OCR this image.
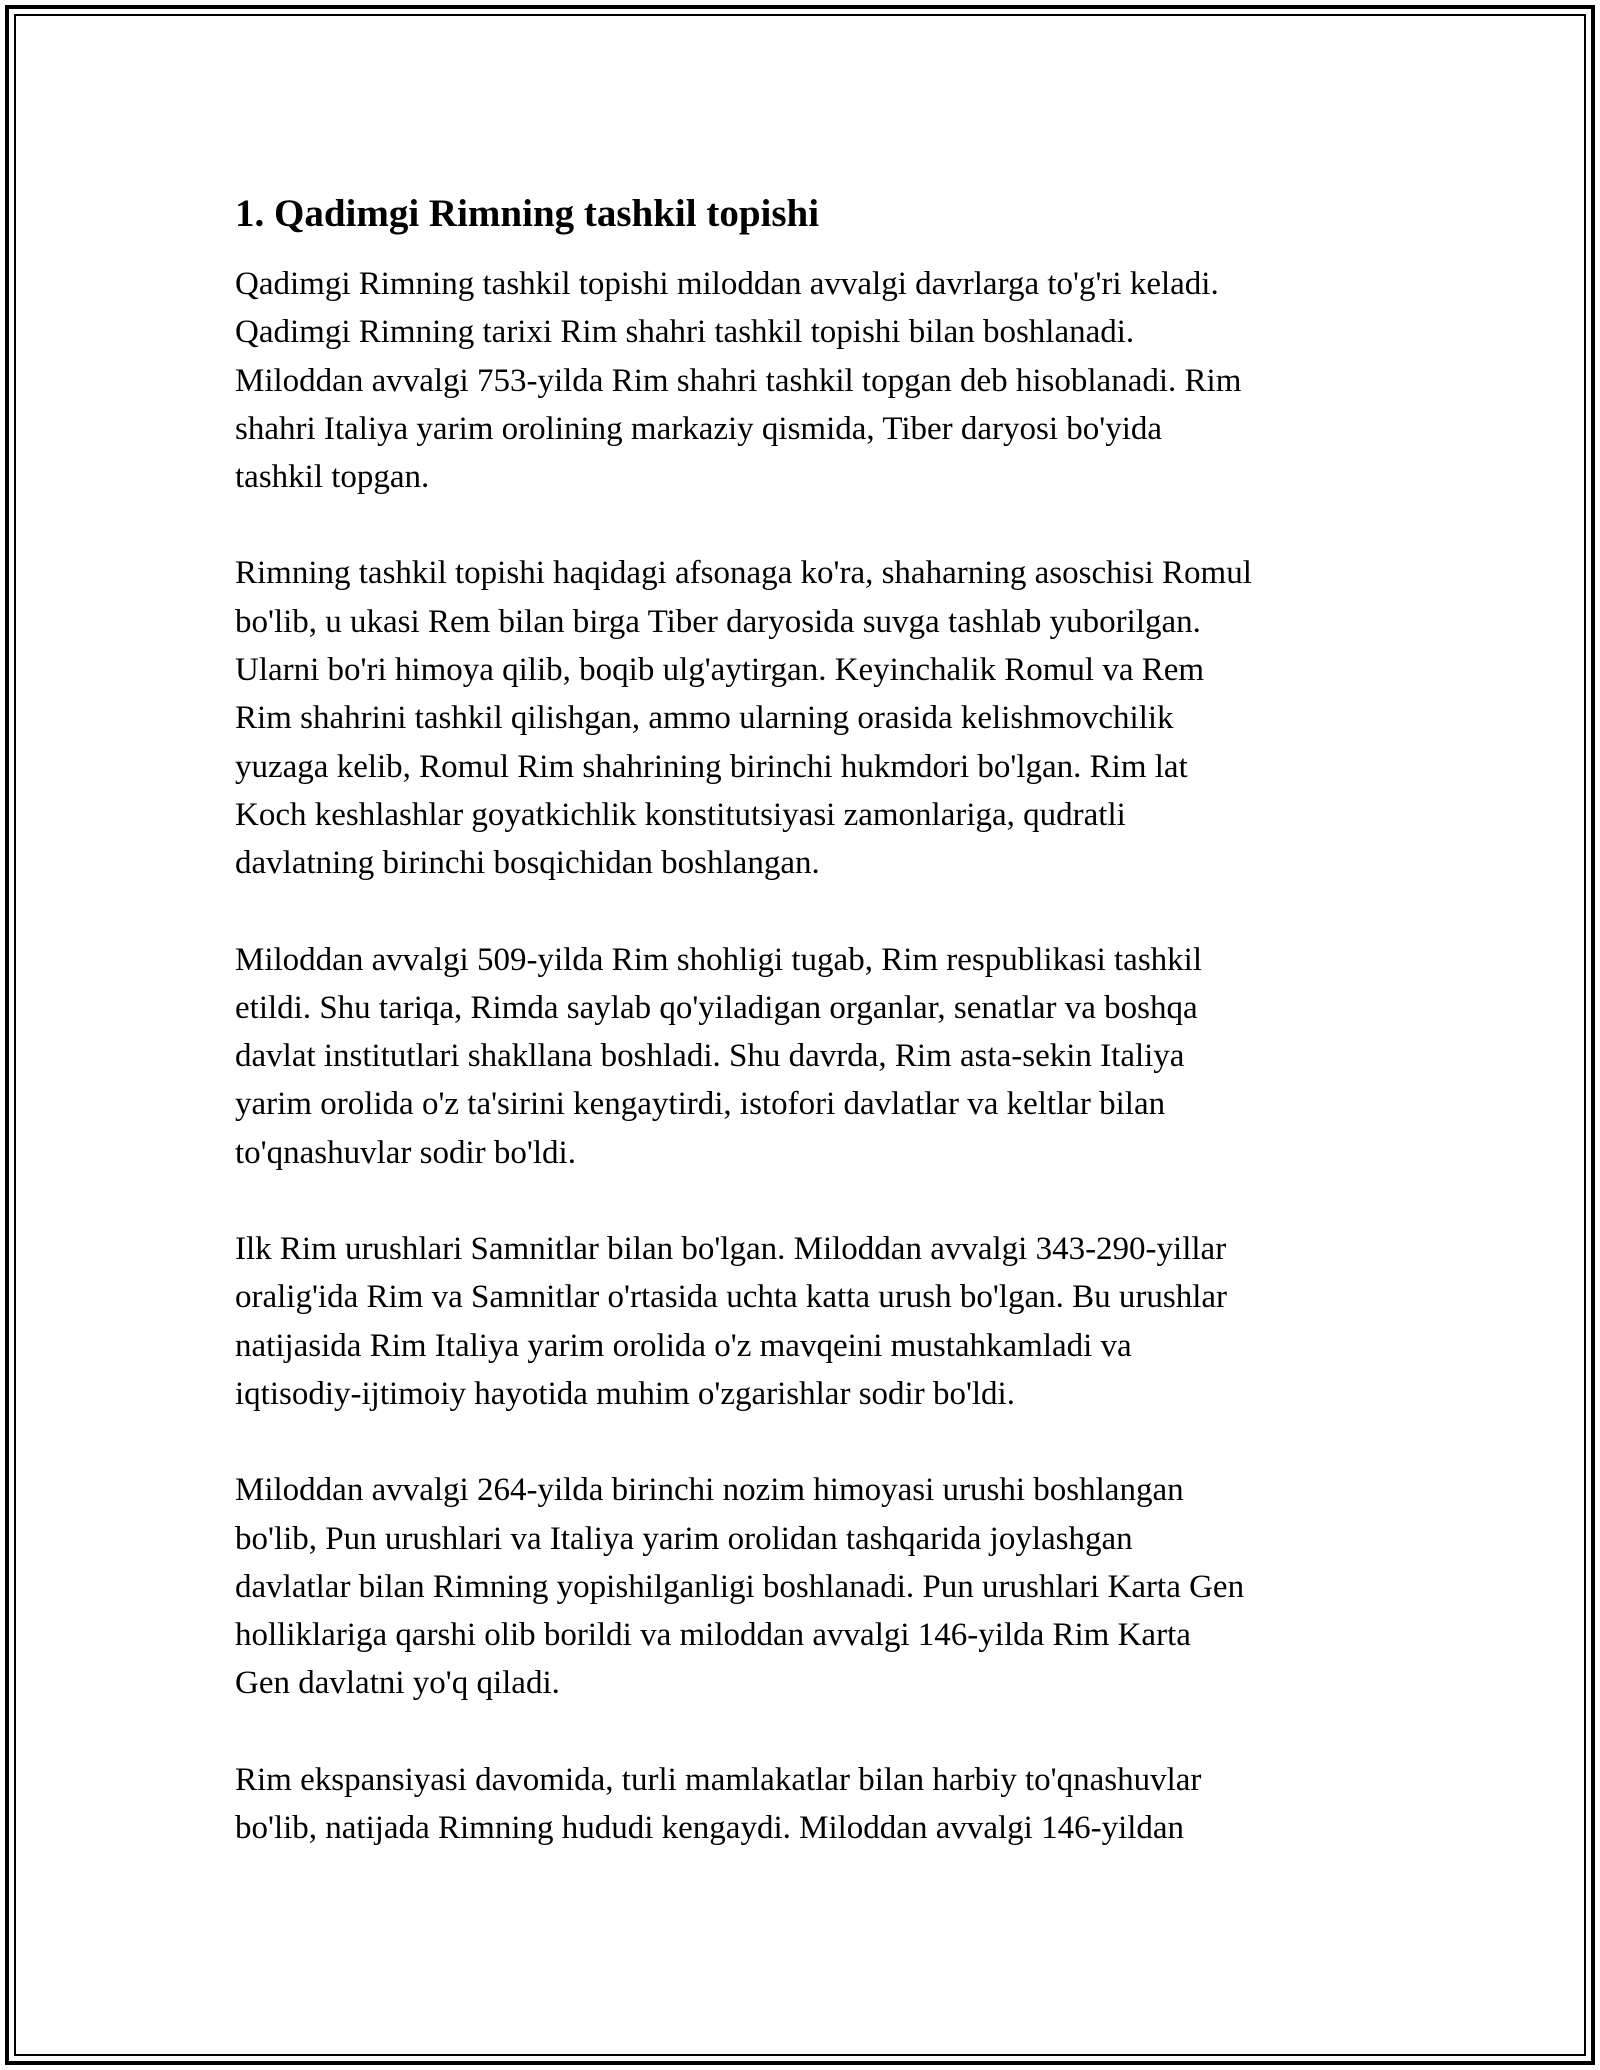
1. Qadimgi Rimning tashkil topishi
Qadimgi Rimning tashkil topishi miloddan avvalgi davrlarga to'g'ri keladi.
Qadimgi Rimning tarixi Rim shahri tashkil topishi bilan boshlanadi.
Miloddan avvalgi 753-yilda Rim shahri tashkil topgan deb hisoblanadi. Rim
shahri Italiya yarim orolining markaziy qismida, Tiber daryosi bo'yida
tashkil topgan.
Rimning tashkil topishi haqidagi afsonaga ko'ra, shaharning asoschisi Romul
bo'lib, u ukasi Rem bilan birga Tiber daryosida suvga tashlab yuborilgan.
Ularni bo'ri himoya qilib, boqib ulg'aytirgan. Keyinchalik Romul va Rem
Rim shahrini tashkil qilishgan, ammo ularning orasida kelishmovchilik
yuzaga kelib, Romul Rim shahrining birinchi hukmdori bo'lgan. Rim lat
Koch keshlashlar goyatkichlik konstitutsiyasi zamonlariga, qudratli
davlatning birinchi bosqichidan boshlangan.
Miloddan avvalgi 509-yilda Rim shohligi tugab, Rim respublikasi tashkil
etildi. Shu tariqa, Rimda saylab qo'yiladigan organlar, senatlar va boshqa
davlat institutlari shakllana boshladi. Shu davrda, Rim asta-sekin Italiya
yarim orolida o'z ta'sirini kengaytirdi, istofori davlatlar va keltlar bilan
to'qnashuvlar sodir bo'ldi.
Ilk Rim urushlari Samnitlar bilan bo'lgan. Miloddan avvalgi 343-290-yillar
oralig'ida Rim va Samnitlar o'rtasida uchta katta urush bo'lgan. Bu urushlar
natijasida Rim Italiya yarim orolida o'z mavqeini mustahkamladi va
iqtisodiy-ijtimoiy hayotida muhim o'zgarishlar sodir bo'ldi.
Miloddan avvalgi 264-yilda birinchi nozim himoyasi urushi boshlangan
bo'lib, Pun urushlari va Italiya yarim orolidan tashqarida joylashgan
davlatlar bilan Rimning yopishilganligi boshlanadi. Pun urushlari Karta Gen
holliklariga qarshi olib borildi va miloddan avvalgi 146-yilda Rim Karta
Gen davlatni yo'q qiladi.
Rim ekspansiyasi davomida, turli mamlakatlar bilan harbiy to'qnashuvlar
bo'lib, natijada Rimning hududi kengaydi. Miloddan avvalgi 146-yildan
